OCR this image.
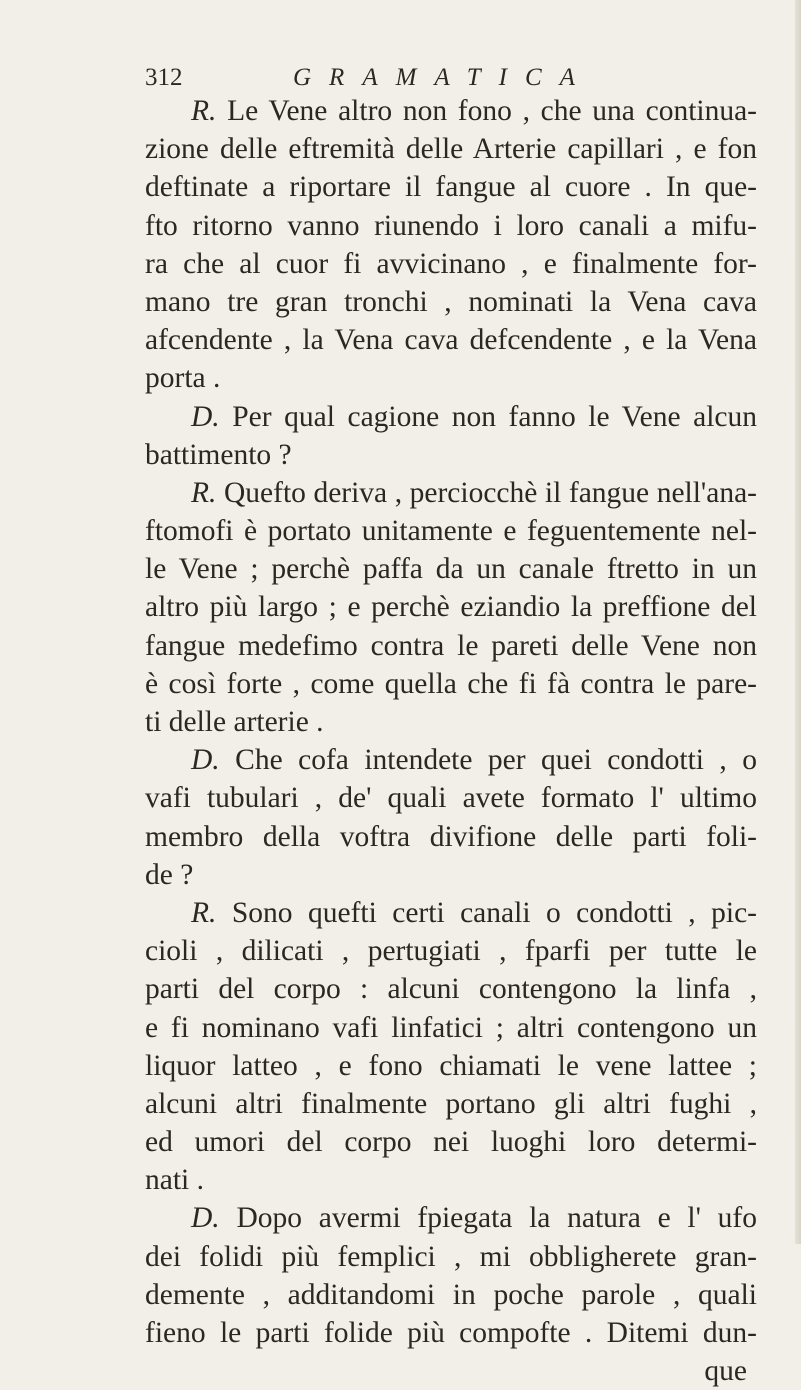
312	GRAMATICA
R. Le Vene altro non fono , che una continua-
zione delle eftremità delle Arterie capillari , e fon
deftinate a riportare il fangue al cuore . In que-
fto ritorno vanno riunendo i loro canali a mifu-
ra che al cuor fi avvicinano , e finalmente for-
mano tre gran tronchi , nominati la Vena cava
afcendente , la Vena cava defcendente , e la Vena
porta .
D. Per qual cagione non fanno le Vene alcun
battimento ?
R. Quefto deriva , perciocchè il fangue nell'ana-
ftomofi è portato unitamente e feguentemente nel-
le Vene ; perchè paffa da un canale ftretto in un
altro più largo ; e perchè eziandio la preffione del
fangue medefimo contra le pareti delle Vene non
è così forte , come quella che fi fà contra le pare-
ti delle arterie .
D. Che cofa intendete per quei condotti , o
vafi tubulari , de' quali avete formato l' ultimo
membro della voftra divifione delle parti foli-
de ?
R. Sono quefti certi canali o condotti , pic-
cioli , dilicati , pertugiati , fparfi per tutte le
parti del corpo : alcuni contengono la linfa ,
e fi nominano vafi linfatici ; altri contengono un
liquor latteo , e fono chiamati le vene lattee ;
alcuni altri finalmente portano gli altri fughi ,
ed umori del corpo nei luoghi loro determi-
nati .
D. Dopo avermi fpiegata la natura e l' ufo
dei folidi più femplici , mi obbligherete gran-
demente , additandomi in poche parole , quali
fieno le parti folide più compofte . Ditemi dun-
que
